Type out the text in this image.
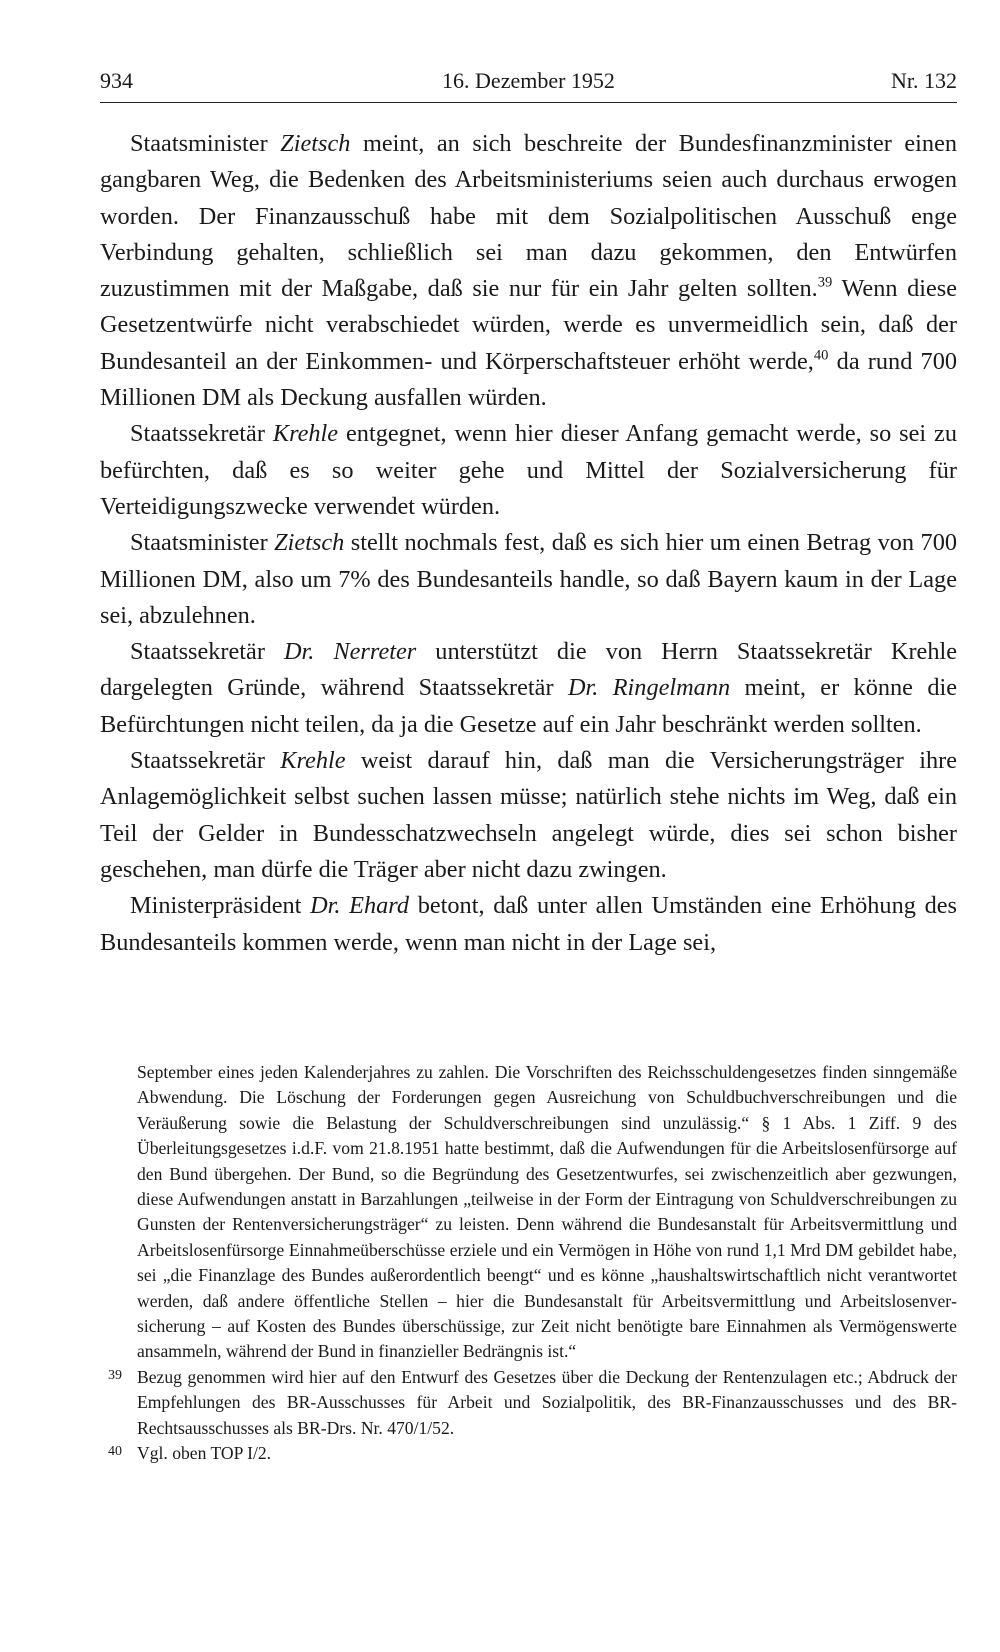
934	16. Dezember 1952	Nr. 132

Staatsminister Zietsch meint, an sich beschreite der Bundesfinanzminister einen gangbaren Weg, die Bedenken des Arbeitsministeriums seien auch durchaus erwogen worden. Der Finanzausschuß habe mit dem Sozialpolitischen Ausschuß enge Verbindung gehalten, schließlich sei man dazu gekommen, den Entwürfen zuzustimmen mit der Maßgabe, daß sie nur für ein Jahr gelten sollten.$^{39}$ Wenn diese Gesetzentwürfe nicht verabschiedet würden, werde es unvermeidlich sein, daß der Bundesanteil an der Einkommen- und Körperschaftsteuer erhöht werde,$^{40}$ da rund 700 Millionen DM als Deckung ausfallen würden.

Staatssekretär Krehle entgegnet, wenn hier dieser Anfang gemacht werde, so sei zu befürchten, daß es so weiter gehe und Mittel der Sozialversicherung für Verteidigungszwecke verwendet würden.

Staatsminister Zietsch stellt nochmals fest, daß es sich hier um einen Betrag von 700 Millionen DM, also um 7% des Bundesanteils handle, so daß Bayern kaum in der Lage sei, abzulehnen.

Staatssekretär Dr. Nerreter unterstützt die von Herrn Staatssekretär Krehle dargelegten Gründe, während Staatssekretär Dr. Ringelmann meint, er könne die Befürchtungen nicht teilen, da ja die Gesetze auf ein Jahr beschränkt werden sollten.

Staatssekretär Krehle weist darauf hin, daß man die Versicherungsträger ihre Anlagemöglichkeit selbst suchen lassen müsse; natürlich stehe nichts im Weg, daß ein Teil der Gelder in Bundesschatzwechseln angelegt würde, dies sei schon bisher geschehen, man dürfe die Träger aber nicht dazu zwingen.

Ministerpräsident Dr. Ehard betont, daß unter allen Umständen eine Erhöhung des Bundesanteils kommen werde, wenn man nicht in der Lage sei,

September eines jeden Kalenderjahres zu zahlen. Die Vorschriften des Reichsschuldengesetzes finden sinngemäße Abwendung. Die Löschung der Forderungen gegen Ausreichung von Schuldbuchverschreibungen und die Veräußerung sowie die Belastung der Schuldverschreibungen sind unzulässig.“ § 1 Abs. 1 Ziff. 9 des Überleitungsgesetzes i.d.F. vom 21.8.1951 hatte bestimmt, daß die Aufwendungen für die Arbeitslosenfürsorge auf den Bund übergehen. Der Bund, so die Begründung des Gesetzentwurfes, sei zwischenzeitlich aber gezwungen, diese Aufwendungen anstatt in Barzahlungen „teilweise in der Form der Eintragung von Schuldverschreibungen zu Gunsten der Rentenversicherungsträger“ zu leisten. Denn während die Bundesanstalt für Arbeitsvermittlung und Arbeitslosenfürsorge Einnahmeüberschüsse erziele und ein Vermögen in Höhe von rund 1,1 Mrd DM gebildet habe, sei „die Finanzlage des Bundes außerordentlich beengt“ und es könne „haushaltswirtschaftlich nicht verantwortet werden, daß andere öffentliche Stellen – hier die Bundesanstalt für Arbeitsvermittlung und Arbeitslosenversicherung – auf Kosten des Bundes überschüssige, zur Zeit nicht benötigte bare Einnahmen als Vermögenswerte ansammeln, während der Bund in finanzieller Bedrängnis ist.“

39 Bezug genommen wird hier auf den Entwurf des Gesetzes über die Deckung der Rentenzulagen etc.; Abdruck der Empfehlungen des BR-Ausschusses für Arbeit und Sozialpolitik, des BR-Finanzausschusses und des BR-Rechtsausschusses als BR-Drs. Nr. 470/1/52.

40 Vgl. oben TOP I/2.
